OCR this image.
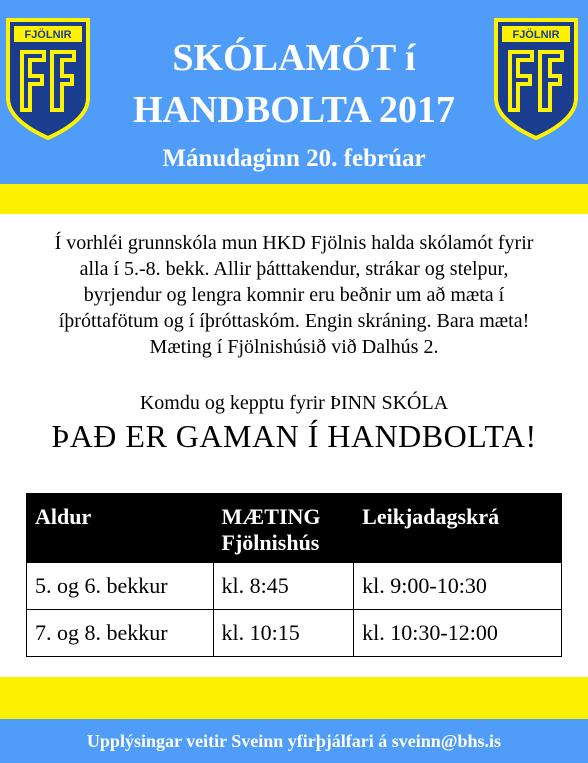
FJÖLNIR	FJÖLNIR
SKÓLAMÓT í
HANDBOLTA 2017
Mánudaginn 20. febrúar
Í vorhléi grunnskóla mun HKD Fjölnis halda skólamót fyrir
alla í 5.-8. bekk. Allir þátttakendur, strákar og stelpur,
byrjendur og lengra komnir eru beðnir um að mæta í
íþróttafötum og í íþróttaskóm. Engin skráning. Bara mæta!
Mæting í Fjölnishúsið við Dalhús 2.
Komdu og kepptu fyrir ÞINN SKÓLA
ÞAÐ ER GAMAN Í HANDBOLTA!
Aldur	MÆTING Fjölnishús	Leikjadagskrá
5. og 6. bekkur	kl. 8:45	kl. 9:00-10:30
7. og 8. bekkur	kl. 10:15	kl. 10:30-12:00
Upplýsingar veitir Sveinn yfirþjálfari á sveinn@bhs.is
